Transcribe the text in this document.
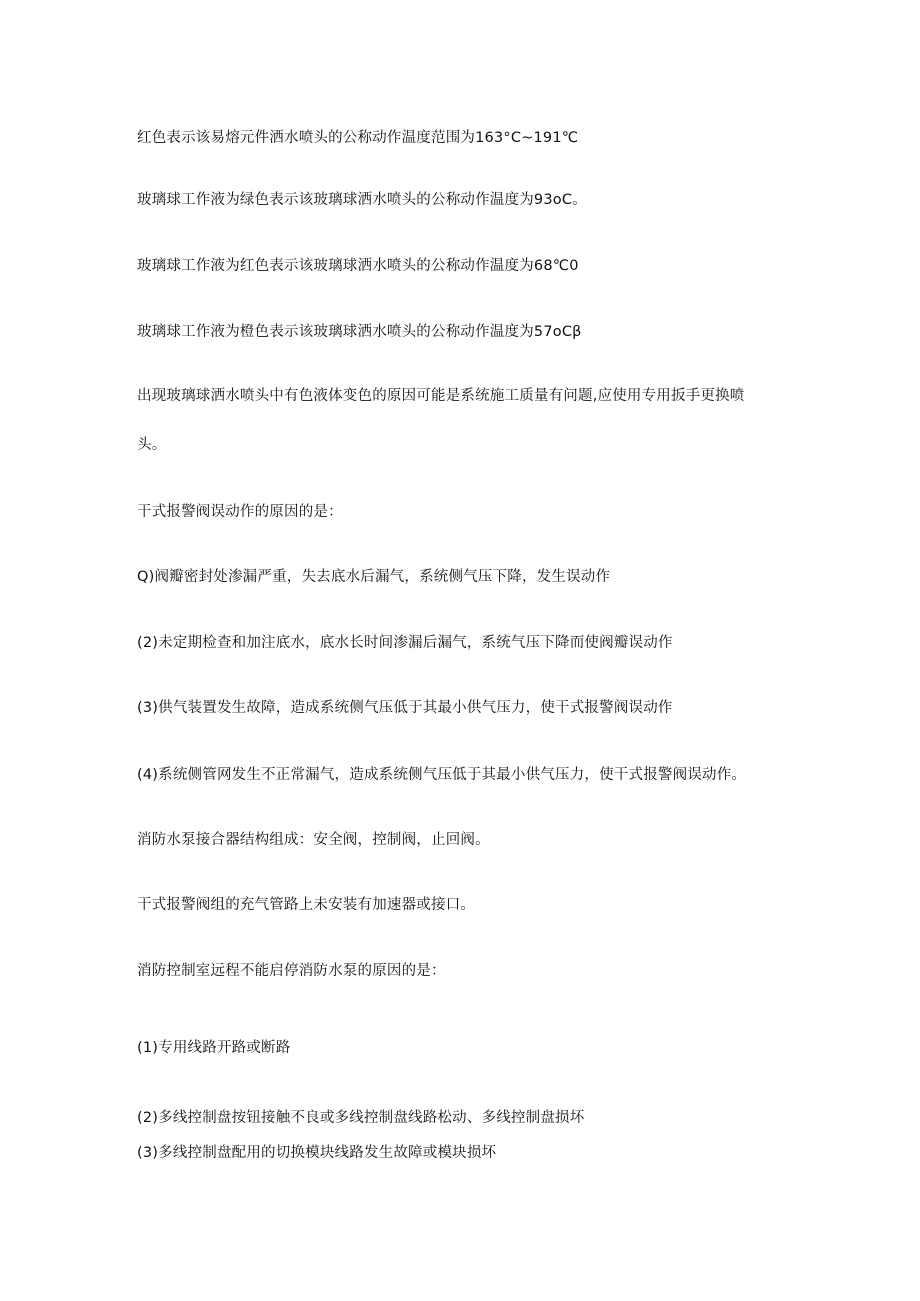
红色表示该易熔元件洒水喷头的公称动作温度范围为163°C~191℃

玻璃球工作液为绿色表示该玻璃球洒水喷头的公称动作温度为93oC。

玻璃球工作液为红色表示该玻璃球洒水喷头的公称动作温度为68℃0

玻璃球工作液为橙色表示该玻璃球洒水喷头的公称动作温度为57oCβ

出现玻璃球洒水喷头中有色液体变色的原因可能是系统施工质量有问题,应使用专用扳手更换喷

头。

干式报警阀误动作的原因的是：

Q)阀瓣密封处渗漏严重，失去底水后漏气，系统侧气压下降，发生误动作

(2)未定期检查和加注底水，底水长时间渗漏后漏气，系统气压下降而使阀瓣误动作

(3)供气装置发生故障，造成系统侧气压低于其最小供气压力，使干式报警阀误动作

(4)系统侧管网发生不正常漏气，造成系统侧气压低于其最小供气压力，使干式报警阀误动作。

消防水泵接合器结构组成：安全阀，控制阀，止回阀。

干式报警阀组的充气管路上未安装有加速器或接口。

消防控制室远程不能启停消防水泵的原因的是：

(1)专用线路开路或断路

(2)多线控制盘按钮接触不良或多线控制盘线路松动、多线控制盘损坏

(3)多线控制盘配用的切换模块线路发生故障或模块损坏
